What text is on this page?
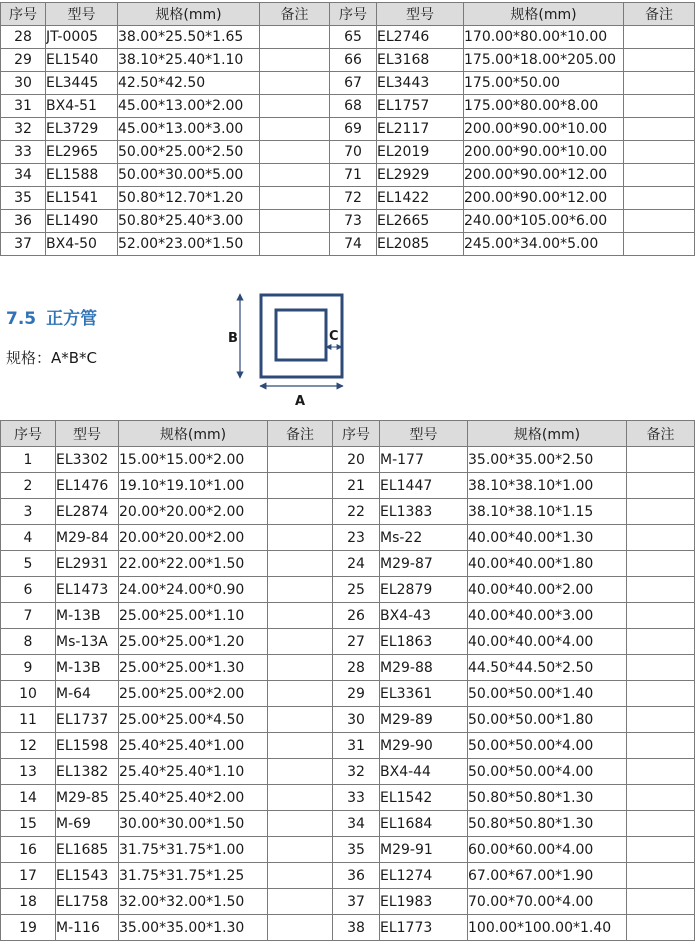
序号	型号	规格(mm)	备注	序号	型号	规格(mm)	备注
28	JT-0005	38.00*25.50*1.65		65	EL2746	170.00*80.00*10.00	
29	EL1540	38.10*25.40*1.10		66	EL3168	175.00*18.00*205.00	
30	EL3445	42.50*42.50		67	EL3443	175.00*50.00	
31	BX4-51	45.00*13.00*2.00		68	EL1757	175.00*80.00*8.00	
32	EL3729	45.00*13.00*3.00		69	EL2117	200.00*90.00*10.00	
33	EL2965	50.00*25.00*2.50		70	EL2019	200.00*90.00*10.00	
34	EL1588	50.00*30.00*5.00		71	EL2929	200.00*90.00*12.00	
35	EL1541	50.80*12.70*1.20		72	EL1422	200.00*90.00*12.00	
36	EL1490	50.80*25.40*3.00		73	EL2665	240.00*105.00*6.00	
37	BX4-50	52.00*23.00*1.50		74	EL2085	245.00*34.00*5.00	
7.5 正方管
规格：A*B*C
B
A
C
序号	型号	规格(mm)	备注	序号	型号	规格(mm)	备注
1	EL3302	15.00*15.00*2.00		20	M-177	35.00*35.00*2.50	
2	EL1476	19.10*19.10*1.00		21	EL1447	38.10*38.10*1.00	
3	EL2874	20.00*20.00*2.00		22	EL1383	38.10*38.10*1.15	
4	M29-84	20.00*20.00*2.00		23	Ms-22	40.00*40.00*1.30	
5	EL2931	22.00*22.00*1.50		24	M29-87	40.00*40.00*1.80	
6	EL1473	24.00*24.00*0.90		25	EL2879	40.00*40.00*2.00	
7	M-13B	25.00*25.00*1.10		26	BX4-43	40.00*40.00*3.00	
8	Ms-13A	25.00*25.00*1.20		27	EL1863	40.00*40.00*4.00	
9	M-13B	25.00*25.00*1.30		28	M29-88	44.50*44.50*2.50	
10	M-64	25.00*25.00*2.00		29	EL3361	50.00*50.00*1.40	
11	EL1737	25.00*25.00*4.50		30	M29-89	50.00*50.00*1.80	
12	EL1598	25.40*25.40*1.00		31	M29-90	50.00*50.00*4.00	
13	EL1382	25.40*25.40*1.10		32	BX4-44	50.00*50.00*4.00	
14	M29-85	25.40*25.40*2.00		33	EL1542	50.80*50.80*1.30	
15	M-69	30.00*30.00*1.50		34	EL1684	50.80*50.80*1.30	
16	EL1685	31.75*31.75*1.00		35	M29-91	60.00*60.00*4.00	
17	EL1543	31.75*31.75*1.25		36	EL1274	67.00*67.00*1.90	
18	EL1758	32.00*32.00*1.50		37	EL1983	70.00*70.00*4.00	
19	M-116	35.00*35.00*1.30		38	EL1773	100.00*100.00*1.40	
